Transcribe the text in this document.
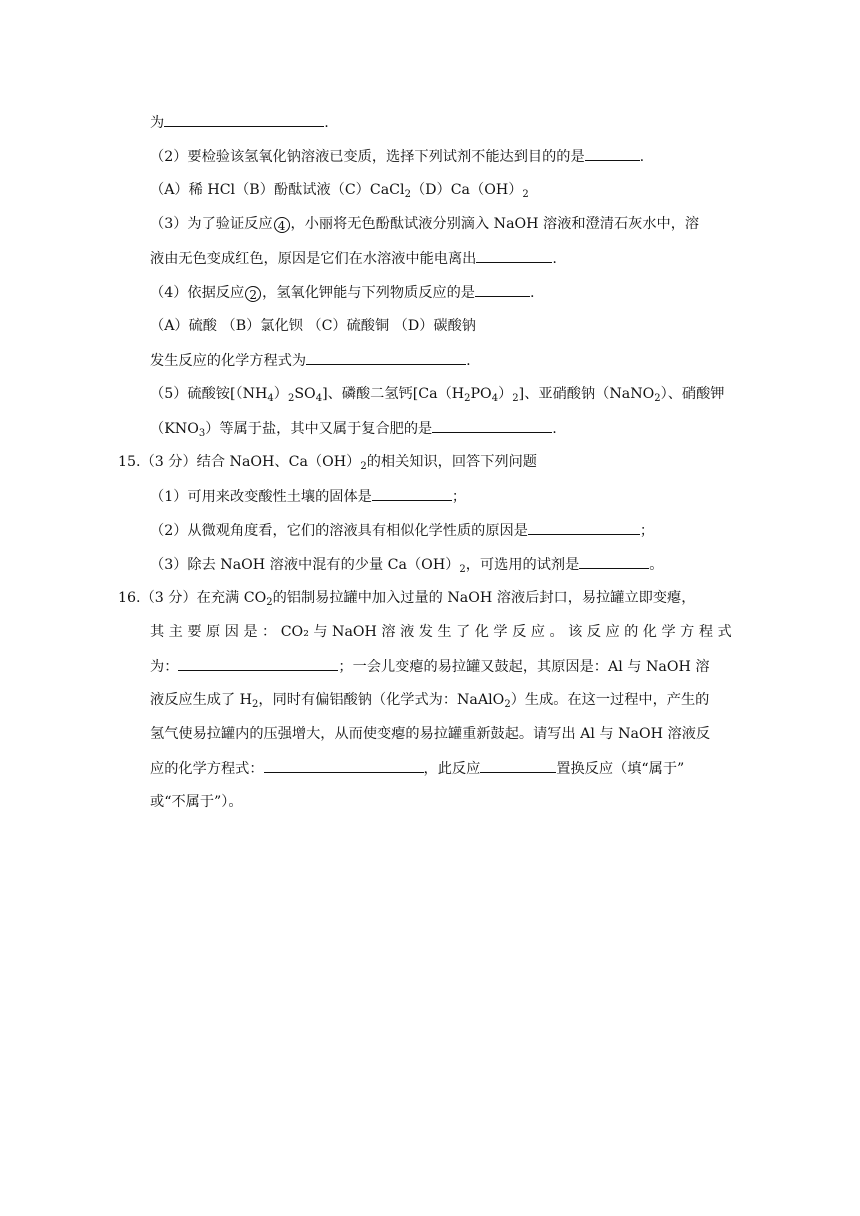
为	.
（2）要检验该氢氧化钠溶液已变质，选择下列试剂不能达到目的的是	.
（A）稀 HCl（B）酚酞试液$(C)CaCl_2(D)Ca(OH)_2$
（3）为了验证反应 4 ，小丽将无色酚酞试液分别滴入 NaOH 溶液和澄清石灰水中，溶
液由无色变成红色，原因是它们在水溶液中能电离出	.
（4）依据反应 2 ，氢氧化钾能与下列物质反应的是	.
（A）硫酸 （B）氯化钡 （C）硫酸铜 （D）碳酸钠
发生反应的化学方程式为	.
（5）硫酸铵$[(NH_4)_2SO_4]$、磷酸二氢钙$[Ca(H_2PO_4)_2]$、亚硝酸钠（NaNO$_2$）、硝酸钾
$(KNO_3)$等属于盐，其中又属于复合肥的是	.
15.（3 分）结合 NaOH、$Ca(OH)_2$的相关知识，回答下列问题
（1）可用来改变酸性土壤的固体是	；
（2）从微观角度看，它们的溶液具有相似化学性质的原因是	；
（3）除去 NaOH 溶液中混有的少量 $Ca(OH)_2$，可选用的试剂是	。
16.（3 分）在充满 $CO_2$的铝制易拉罐中加入过量的 NaOH 溶液后封口，易拉罐立即变瘪，
其 主 要 原 因 是 ： CO₂ 与 NaOH 溶 液 发 生 了 化 学 反 应 。 该 反 应 的 化 学 方 程 式
为：	；一会儿变瘪的易拉罐又鼓起，其原因是：Al 与 NaOH 溶
液反应生成了 $H_2$，同时有偏铝酸钠（化学式为：NaAlO$_2$）生成。在这一过程中，产生的
氢气使易拉罐内的压强增大，从而使变瘪的易拉罐重新鼓起。请写出 Al 与 NaOH 溶液反
应的化学方程式：	，此反应	置换反应（填“属于”
或“不属于”）。
